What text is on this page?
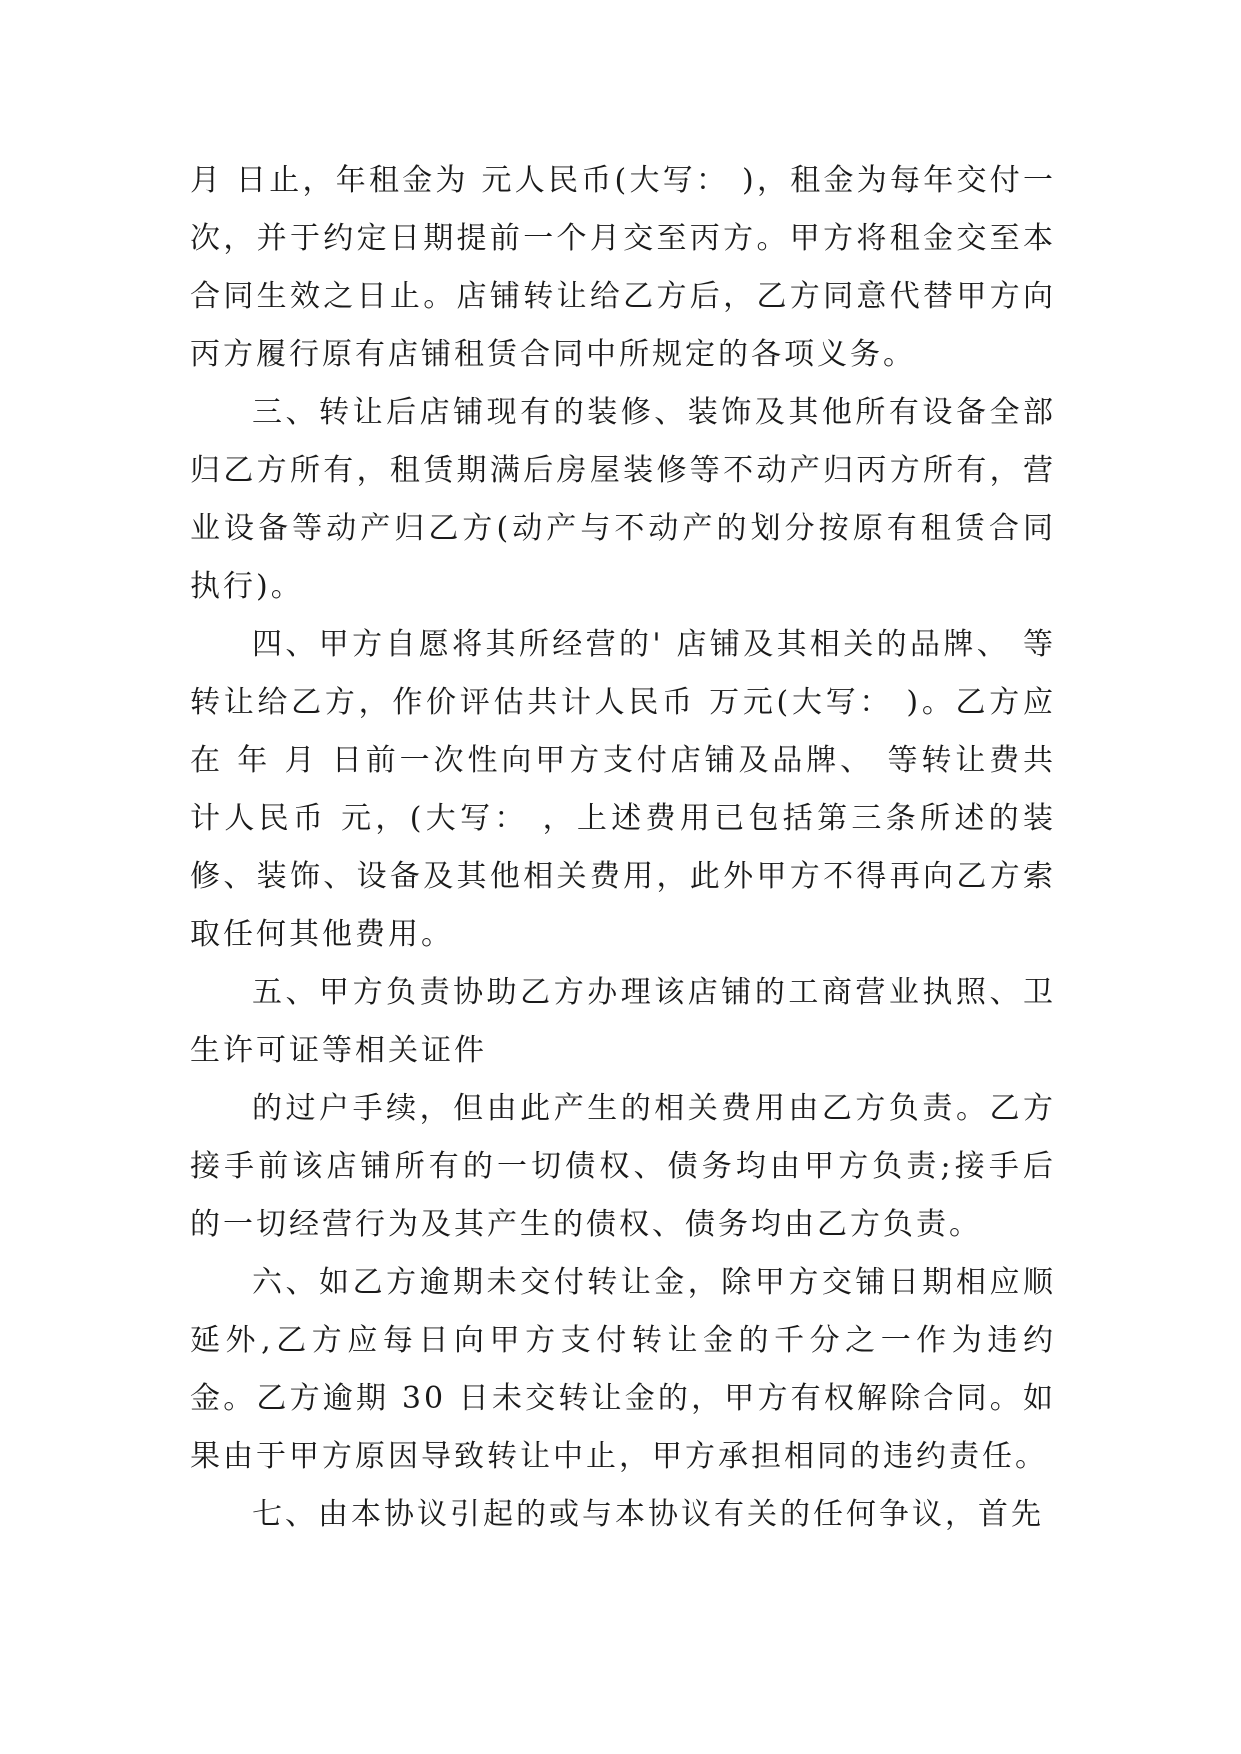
月 日止，年租金为 元人民币(大写： )，租金为每年交付一次，并于约定日期提前一个月交至丙方。甲方将租金交至本合同生效之日止。店铺转让给乙方后，乙方同意代替甲方向丙方履行原有店铺租赁合同中所规定的各项义务。

三、转让后店铺现有的装修、装饰及其他所有设备全部归乙方所有，租赁期满后房屋装修等不动产归丙方所有，营业设备等动产归乙方(动产与不动产的划分按原有租赁合同执行)。

四、甲方自愿将其所经营的' 店铺及其相关的品牌、 等转让给乙方，作价评估共计人民币 万元(大写： )。乙方应在 年 月 日前一次性向甲方支付店铺及品牌、 等转让费共计人民币 元，(大写： ，上述费用已包括第三条所述的装修、装饰、设备及其他相关费用，此外甲方不得再向乙方索取任何其他费用。

五、甲方负责协助乙方办理该店铺的工商营业执照、卫生许可证等相关证件

的过户手续，但由此产生的相关费用由乙方负责。乙方接手前该店铺所有的一切债权、债务均由甲方负责;接手后的一切经营行为及其产生的债权、债务均由乙方负责。

六、如乙方逾期未交付转让金，除甲方交铺日期相应顺延外,乙方应每日向甲方支付转让金的千分之一作为违约金。乙方逾期 30 日未交转让金的，甲方有权解除合同。如果由于甲方原因导致转让中止，甲方承担相同的违约责任。

七、由本协议引起的或与本协议有关的任何争议，首先
